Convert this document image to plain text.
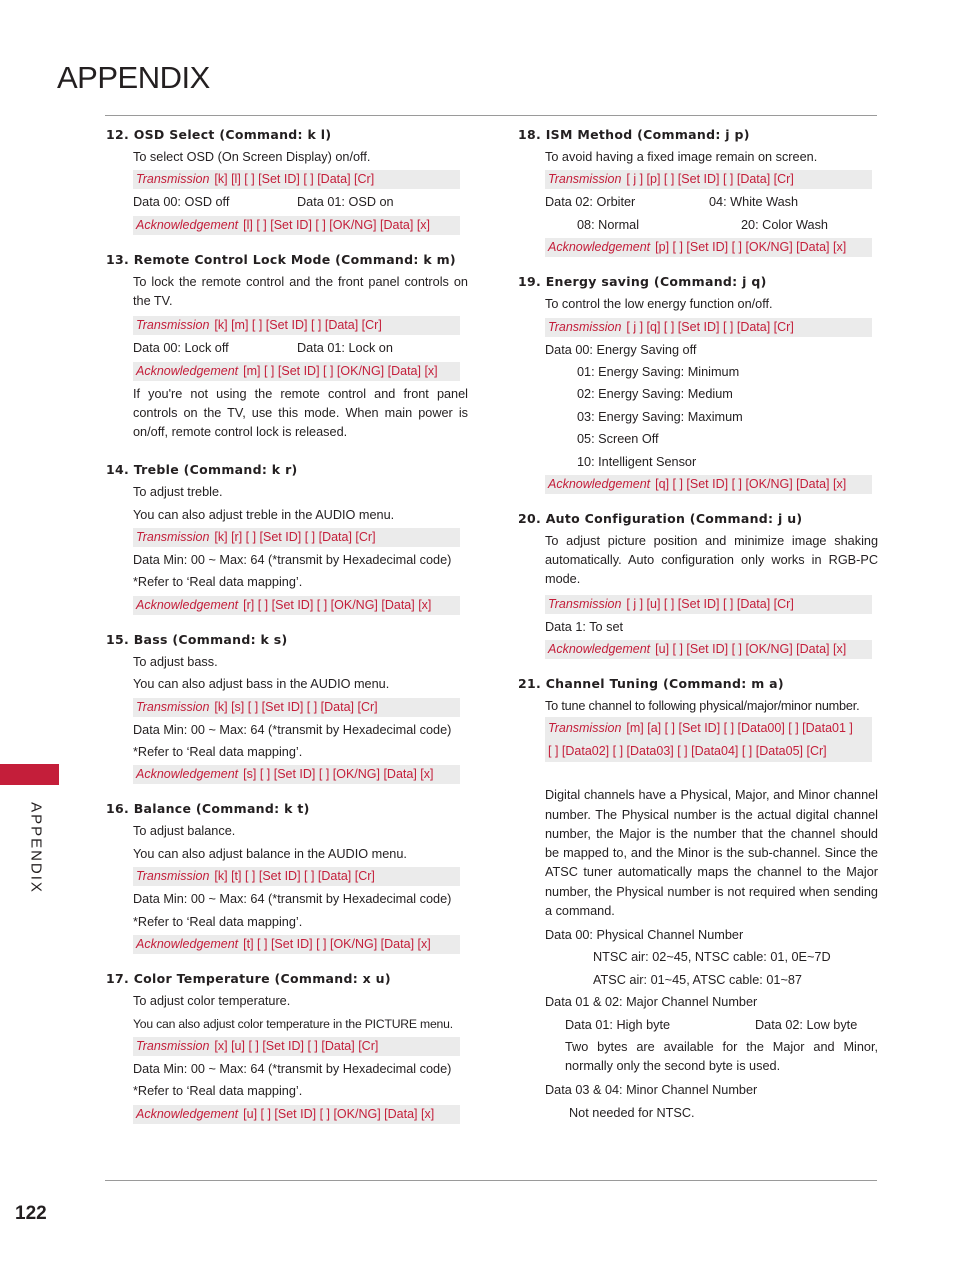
APPENDIX
APPENDIX
122
12. OSD Select (Command: k l)
To select OSD (On Screen Display) on/off.
Transmission [k] [l] [ ] [Set ID] [ ] [Data] [Cr]
Data 00: OSD off	Data 01: OSD on
Acknowledgement [l] [ ] [Set ID] [ ] [OK/NG] [Data] [x]
13. Remote Control Lock Mode (Command: k m)
To lock the remote control and the front panel controls on the TV.
Transmission [k] [m] [ ] [Set ID] [ ] [Data] [Cr]
Data 00: Lock off	Data 01: Lock on
Acknowledgement [m] [ ] [Set ID] [ ] [OK/NG] [Data] [x]
If you're not using the remote control and front panel controls on the TV, use this mode. When main power is on/off, remote control lock is released.
14. Treble (Command: k r)
To adjust treble.
You can also adjust treble in the AUDIO menu.
Transmission [k] [r] [ ] [Set ID] [ ] [Data] [Cr]
Data Min: 00 ~ Max: 64 (*transmit by Hexadecimal code)
*Refer to ‘Real data mapping’.
Acknowledgement [r] [ ] [Set ID] [ ] [OK/NG] [Data] [x]
15. Bass (Command: k s)
To adjust bass.
You can also adjust bass in the AUDIO menu.
Transmission [k] [s] [ ] [Set ID] [ ] [Data] [Cr]
Data Min: 00 ~ Max: 64 (*transmit by Hexadecimal code)
*Refer to ‘Real data mapping’.
Acknowledgement [s] [ ] [Set ID] [ ] [OK/NG] [Data] [x]
16. Balance (Command: k t)
To adjust balance.
You can also adjust balance in the AUDIO menu.
Transmission [k] [t] [ ] [Set ID] [ ] [Data] [Cr]
Data Min: 00 ~ Max: 64 (*transmit by Hexadecimal code)
*Refer to ‘Real data mapping’.
Acknowledgement [t] [ ] [Set ID] [ ] [OK/NG] [Data] [x]
17. Color Temperature (Command: x u)
To adjust color temperature.
You can also adjust color temperature in the PICTURE menu.
Transmission [x] [u] [ ] [Set ID] [ ] [Data] [Cr]
Data Min: 00 ~ Max: 64 (*transmit by Hexadecimal code)
*Refer to ‘Real data mapping’.
Acknowledgement [u] [ ] [Set ID] [ ] [OK/NG] [Data] [x]
18. ISM Method (Command: j p)
To avoid having a fixed image remain on screen.
Transmission [ j ] [p] [ ] [Set ID] [ ] [Data] [Cr]
Data 02: Orbiter	04: White Wash
08: Normal	20: Color Wash
Acknowledgement [p] [ ] [Set ID] [ ] [OK/NG] [Data] [x]
19. Energy saving (Command: j q)
To control the low energy function on/off.
Transmission [ j ] [q] [ ] [Set ID] [ ] [Data] [Cr]
Data 00: Energy Saving off
01: Energy Saving: Minimum
02: Energy Saving: Medium
03: Energy Saving: Maximum
05: Screen Off
10: Intelligent Sensor
Acknowledgement [q] [ ] [Set ID] [ ] [OK/NG] [Data] [x]
20. Auto Configuration (Command: j u)
To adjust picture position and minimize image shaking automatically. Auto configuration only works in RGB-PC mode.
Transmission [ j ] [u] [ ] [Set ID] [ ] [Data] [Cr]
Data 1: To set
Acknowledgement [u] [ ] [Set ID] [ ] [OK/NG] [Data] [x]
21. Channel Tuning (Command: m a)
To tune channel to following physical/major/minor number.
Transmission [m] [a] [ ] [Set ID] [ ] [Data00] [ ] [Data01 ]
[ ] [Data02] [ ] [Data03] [ ] [Data04] [ ] [Data05] [Cr]
Digital channels have a Physical, Major, and Minor channel number. The Physical number is the actual digital channel number, the Major is the number that the channel should be mapped to, and the Minor is the sub-channel. Since the ATSC tuner automatically maps the channel to the Major number, the Physical number is not required when sending a command.
Data 00: Physical Channel Number
NTSC air: 02~45, NTSC cable: 01, 0E~7D
ATSC air: 01~45, ATSC cable: 01~87
Data 01 & 02: Major Channel Number
Data 01: High byte	Data 02: Low byte
Two bytes are available for the Major and Minor, normally only the second byte is used.
Data 03 & 04: Minor Channel Number
Not needed for NTSC.
